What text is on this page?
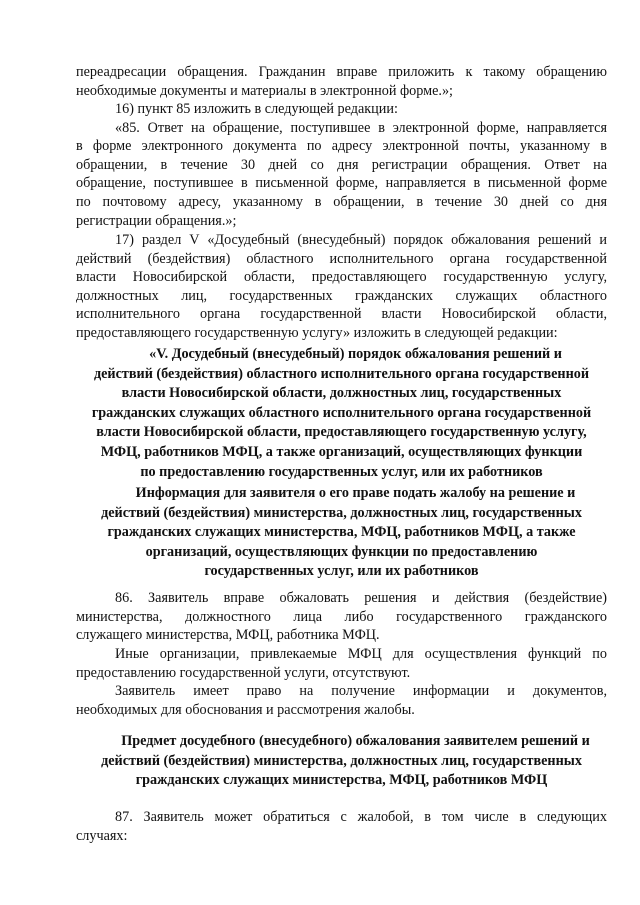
переадресации обращения. Гражданин вправе приложить к такому обращению

необходимые документы и материалы в электронной форме.»;

16) пункт 85 изложить в следующей редакции:

«85. Ответ на обращение, поступившее в электронной форме, направляется

в форме электронного документа по адресу электронной почты, указанному в

обращении, в течение 30 дней со дня регистрации обращения. Ответ на

обращение, поступившее в письменной форме, направляется в письменной форме

по почтовому адресу, указанному в обращении, в течение 30 дней со дня

регистрации обращения.»;

17) раздел V «Досудебный (внесудебный) порядок обжалования решений и

действий (бездействия) областного исполнительного органа государственной

власти Новосибирской области, предоставляющего государственную услугу,

должностных лиц, государственных гражданских служащих областного

исполнительного органа государственной власти Новосибирской области,

предоставляющего государственную услугу» изложить в следующей редакции:

«V. Досудебный (внесудебный) порядок обжалования решений и

действий (бездействия) областного исполнительного органа государственной

власти Новосибирской области, должностных лиц, государственных

гражданских служащих областного исполнительного органа государственной

власти Новосибирской области, предоставляющего государственную услугу,

МФЦ, работников МФЦ, а также организаций, осуществляющих функции

по предоставлению государственных услуг, или их работников

Информация для заявителя о его праве подать жалобу на решение и

действий (бездействия) министерства, должностных лиц, государственных

гражданских служащих министерства, МФЦ, работников МФЦ, а также

организаций, осуществляющих функции по предоставлению

государственных услуг, или их работников

86. Заявитель вправе обжаловать решения и действия (бездействие)

министерства, должностного лица либо государственного гражданского

служащего министерства, МФЦ, работника МФЦ.

Иные организации, привлекаемые МФЦ для осуществления функций по

предоставлению государственной услуги, отсутствуют.

Заявитель имеет право на получение информации и документов,

необходимых для обоснования и рассмотрения жалобы.

Предмет досудебного (внесудебного) обжалования заявителем решений и

действий (бездействия) министерства, должностных лиц, государственных

гражданских служащих министерства, МФЦ, работников МФЦ

87. Заявитель может обратиться с жалобой, в том числе в следующих

случаях:
